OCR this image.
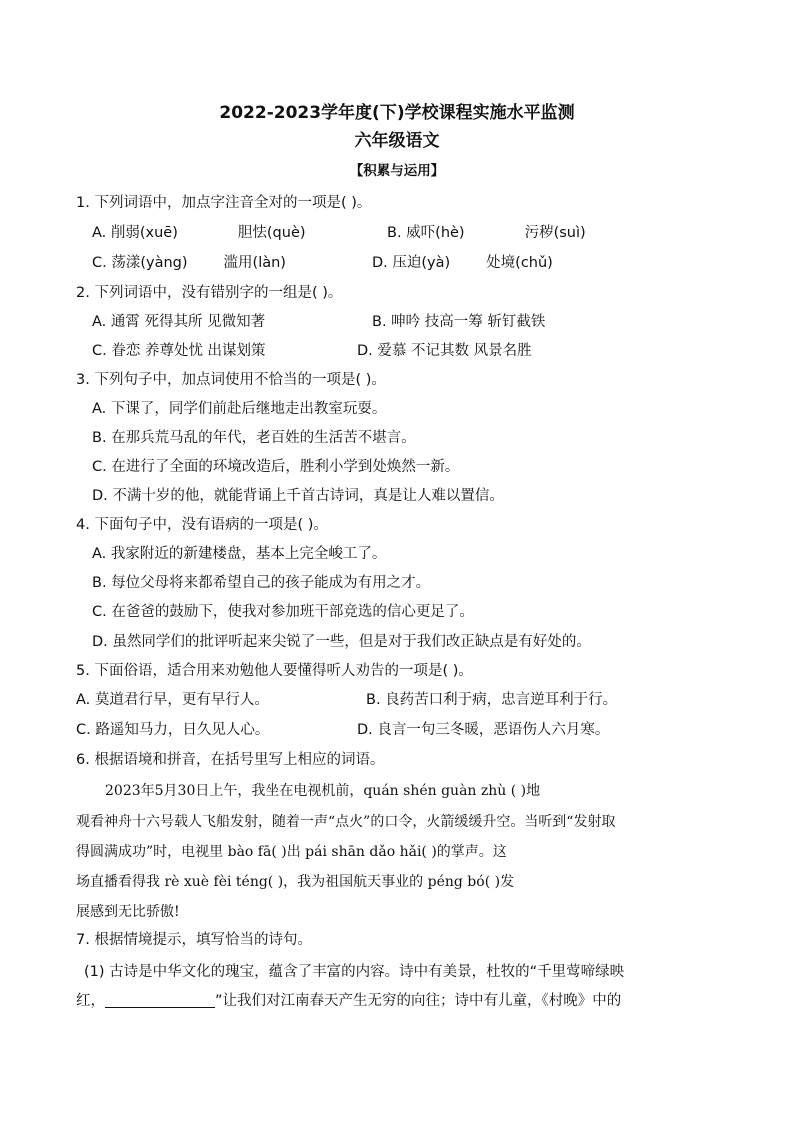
2022-2023学年度(下)学校课程实施水平监测
六年级语文
【积累与运用】
1. 下列词语中，加点字注音全对的一项是( )。
A. 削弱(xuē)	胆怯(què)	B. 威吓(hè)	污秽(suì)
C. 荡漾(yàng) 滥用(làn)	D. 压迫(yà) 处境(chǔ)
2. 下列词语中，没有错别字的一组是( )。
A. 通霄 死得其所 见微知著	B. 呻吟 技高一筹 斩钉截铁
C. 眷恋 养尊处忧 出谋划策	D. 爱慕 不记其数 风景名胜
3. 下列句子中，加点词使用不恰当的一项是( )。
A. 下课了，同学们前赴后继地走出教室玩耍。
B. 在那兵荒马乱的年代，老百姓的生活苦不堪言。
C. 在进行了全面的环境改造后，胜利小学到处焕然一新。
D. 不满十岁的他，就能背诵上千首古诗词，真是让人难以置信。
4. 下面句子中，没有语病的一项是( )。
A. 我家附近的新建楼盘，基本上完全峻工了。
B. 每位父母将来都希望自己的孩子能成为有用之才。
C. 在爸爸的鼓励下，使我对参加班干部竞选的信心更足了。
D. 虽然同学们的批评听起来尖锐了一些，但是对于我们改正缺点是有好处的。
5. 下面俗语，适合用来劝勉他人要懂得听人劝告的一项是( )。
A. 莫道君行早，更有早行人。	B. 良药苦口利于病，忠言逆耳利于行。
C. 路遥知马力，日久见人心。	D. 良言一句三冬暖，恶语伤人六月寒。
6. 根据语境和拼音，在括号里写上相应的词语。
2023年5月30日上午，我坐在电视机前，quán shén guàn zhù ( )地
观看神舟十六号载人飞船发射，随着一声“点火”的口令，火箭缓缓升空。当听到“发射取
得圆满成功”时，电视里 bào fā( )出 pái shān dǎo hǎi( )的掌声。这
场直播看得我 rè xuè fèi téng( )，我为祖国航天事业的 péng bó( )发
展感到无比骄傲!
7. 根据情境提示，填写恰当的诗句。
(1) 古诗是中华文化的瑰宝，蕴含了丰富的内容。诗中有美景，杜牧的“千里莺啼绿映
红，	”让我们对江南春天产生无穷的向往；诗中有儿童，《村晚》中的
